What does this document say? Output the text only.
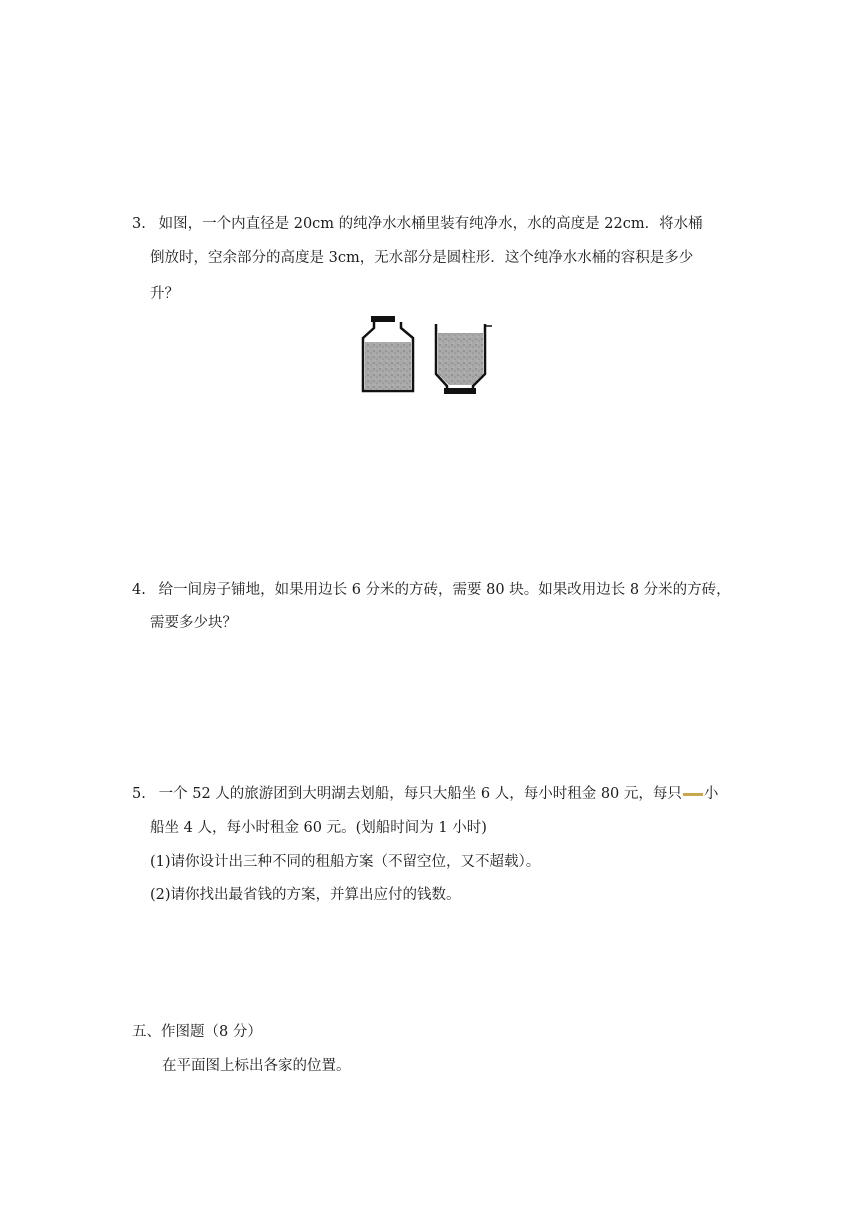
3. 如图，一个内直径是 20cm 的纯净水水桶里装有纯净水，水的高度是 22cm．将水桶
倒放时，空余部分的高度是 3cm，无水部分是圆柱形．这个纯净水水桶的容积是多少
升？
4. 给一间房子铺地，如果用边长 6 分米的方砖，需要 80 块。如果改用边长 8 分米的方砖，
需要多少块？
5. 一个 52 人的旅游团到大明湖去划船，每只大船坐 6 人，每小时租金 80 元，每只 小
船坐 4 人，每小时租金 60 元。(划船时间为 1 小时)
(1)请你设计出三种不同的租船方案（不留空位，又不超载）。
(2)请你找出最省钱的方案，并算出应付的钱数。
五、作图题（8 分）
在平面图上标出各家的位置。
